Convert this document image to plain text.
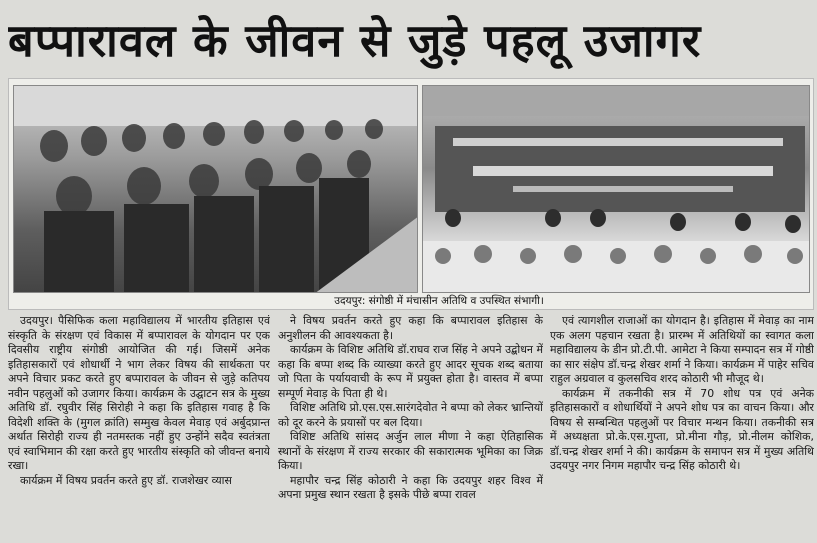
बप्पारावल के जीवन से जुड़े पहलू उजागर
उदयपुर: संगोष्ठी में मंचासीन अतिथि व उपस्थित संभागी।

उदयपुर। पैसिफिक कला महाविद्यालय में भारतीय इतिहास एवं संस्कृति के संरक्षण एवं विकास में बप्पारावल के योगदान पर एक दिवसीय राष्ट्रीय संगोष्ठी आयोजित की गई। जिसमें अनेक इतिहासकारों एवं शोधार्थी ने भाग लेकर विषय की सार्थकता पर अपने विचार प्रकट करते हुए बप्पारावल के जीवन से जुड़े कतिपय नवीन पहलुओं को उजागर किया। कार्यक्रम के उद्घाटन सत्र के मुख्य अतिथि डॉ. रघुवीर सिंह सिरोही ने कहा कि इतिहास गवाह है कि विदेशी शक्ति के (मुगल क्रांति) सम्मुख केवल मेवाड़ एवं अर्बुदप्रान्त अर्थात सिरोही राज्य ही नतमस्तक नहीं हुए उन्होंने सदैव स्वतंत्रता एवं स्वाभिमान की रक्षा करते हुए भारतीय संस्कृति को जीवन्त बनाये रखा।

कार्यक्रम में विषय प्रवर्तन करते हुए डॉ. राजशेखर व्यास

ने विषय प्रवर्तन करते हुए कहा कि बप्पारावल इतिहास के अनुशीलन की आवश्यकता है।

कार्यक्रम के विशिष्ट अतिथि डॉ.राघव राज सिंह ने अपने उद्बोधन में कहा कि बप्पा शब्द कि व्याख्या करते हुए आदर सूचक शब्द बताया जो पिता के पर्यायवाची के रूप में प्रयुक्त होता है। वास्तव में बप्पा सम्पूर्ण मेवाड़ के पिता ही थे।

विशिष्ट अतिथि प्रो.एस.एस.सारंगदेवोत ने बप्पा को लेकर भ्रान्तियों को दूर करने के प्रयासों पर बल दिया।

विशिष्ट अतिथि सांसद अर्जुन लाल मीणा ने कहा ऐतिहासिक स्थानों के संरक्षण में राज्य सरकार की सकारात्मक भूमिका का जिक्र किया।

महापौर चन्द्र सिंह कोठारी ने कहा कि उदयपुर शहर विश्व में अपना प्रमुख स्थान रखता है इसके पीछे बप्पा रावल

एवं त्यागशील राजाओं का योगदान है। इतिहास में मेवाड़ का नाम एक अलग पहचान रखता है। प्रारम्भ में अतिथियों का स्वागत कला महाविद्यालय के डीन प्रो.टी.पी. आमेटा ने किया सम्पादन सत्र में गोष्ठी का सार संक्षेप डॉ.चन्द्र शेखर शर्मा ने किया। कार्यक्रम में पाहेर सचिव राहुल अग्रवाल व कुलसचिव शरद कोठारी भी मौजूद थे।

कार्यक्रम में तकनीकी सत्र में 70 शोध पत्र एवं अनेक इतिहासकारों व शोधार्थियों ने अपने शोध पत्र का वाचन किया। और विषय से सम्बन्धित पहलुओं पर विचार मन्थन किया। तकनीकी सत्र में अध्यक्षता प्रो.के.एस.गुप्ता, प्रो.मीना गौड़, प्रो.नीलम कोशिक, डॉ.चन्द्र शेखर शर्मा ने की। कार्यक्रम के समापन सत्र में मुख्य अतिथि उदयपुर नगर निगम महापौर चन्द्र सिंह कोठारी थे।
